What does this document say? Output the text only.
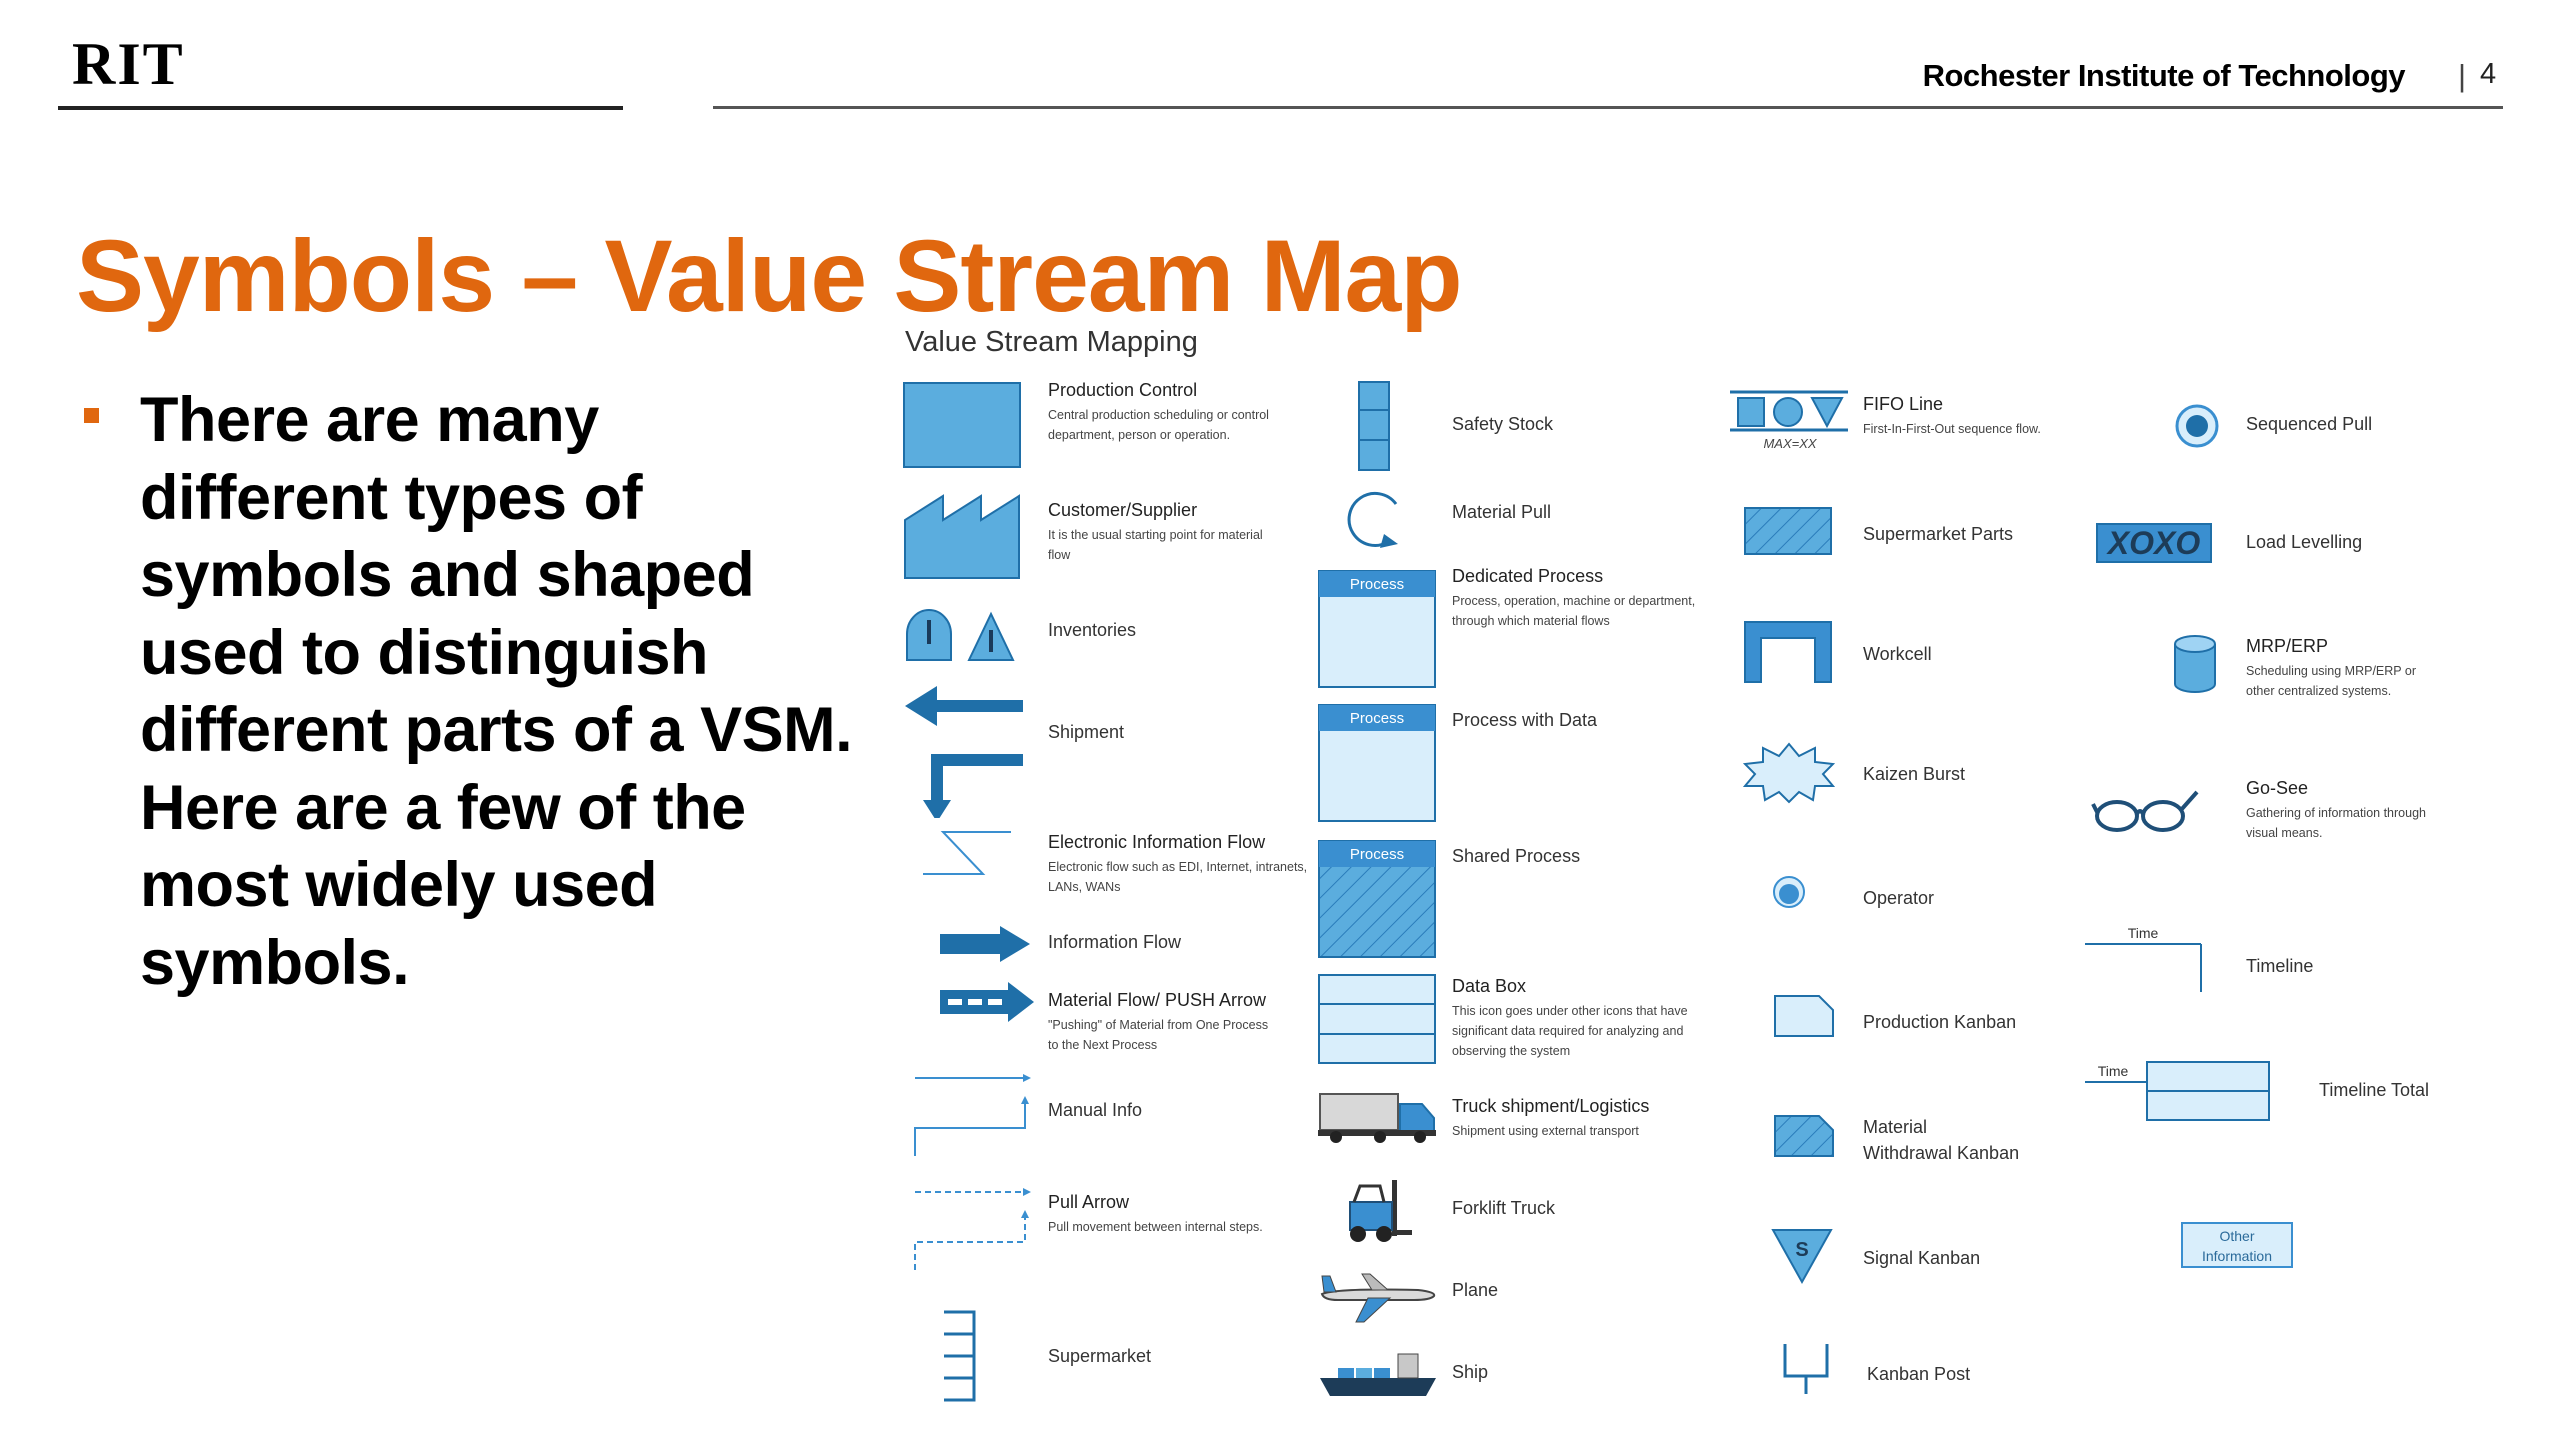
RIT	Rochester Institute of Technology | 4
Symbols – Value Stream Map
There are many different types of symbols and shaped used to distinguish different parts of a VSM. Here are a few of the most widely used symbols.
Value Stream Mapping
Production Control
Central production scheduling or control department, person or operation.
Customer/Supplier
It is the usual starting point for material flow
Inventories
Shipment
Electronic Information Flow
Electronic flow such as EDI, Internet, intranets, LANs, WANs
Information Flow
Material Flow/ PUSH Arrow
"Pushing" of Material from One Process to the Next Process
Manual Info
Pull Arrow
Pull movement between internal steps.
Supermarket
Safety Stock
Material Pull
Process	Dedicated Process
Process, operation, machine or department, through which material flows
Process	Process with Data
Process	Shared Process
Data Box
This icon goes under other icons that have significant data required for analyzing and observing the system
Truck shipment/Logistics
Shipment using external transport
Forklift Truck
Plane
Ship
MAX=XX
FIFO Line
First-In-First-Out sequence flow.
Supermarket Parts
Workcell
Kaizen Burst
Operator
Production Kanban
Material
Withdrawal Kanban
S	Signal Kanban
Kanban Post
Sequenced Pull
XOXO	Load Levelling
MRP/ERP
Scheduling using MRP/ERP or other centralized systems.
Go-See
Gathering of information through visual means.
Time
Timeline
Time
Timeline Total
Other Information
